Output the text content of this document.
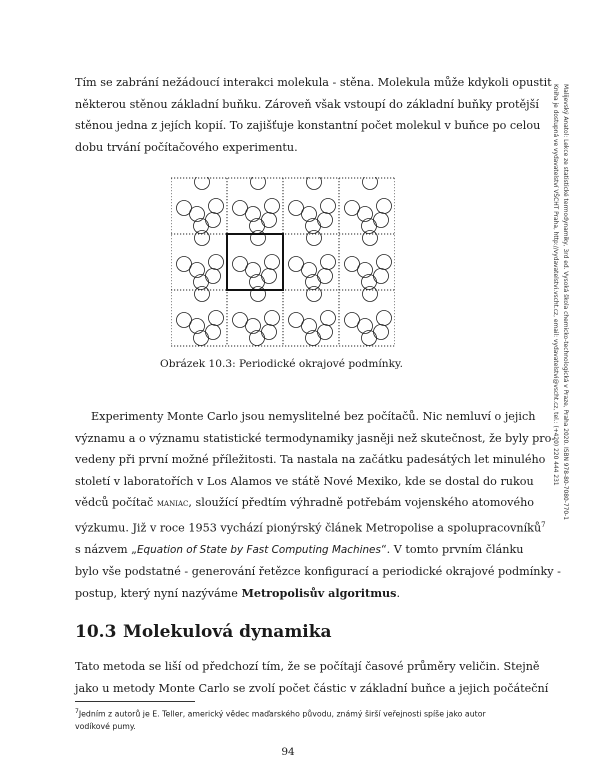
Tím se zabrání nežádoucí interakci molekula - stěna. Molekula může kdykoli opustit
některou stěnou základní buňku. Zároveň však vstoupí do základní buňky protější
stěnou jedna z jejích kopií. To zajišťuje konstantní počet molekul v buňce po celou
dobu trvání počítačového experimentu.
Obrázek 10.3: Periodické okrajové podmínky.
Experimenty Monte Carlo jsou nemyslitelné bez počítačů. Nic nemluví o jejich
významu a o významu statistické termodynamiky jasněji než skutečnost, že byly pro-
vedeny při první možné příležitosti. Ta nastala na začátku padesátých let minulého
století v laboratořích v Los Alamos ve státě Nové Mexiko, kde se dostal do rukou
vědců počítač maniac, sloužící předtím výhradně potřebám vojenského atomového
výzkumu. Již v roce 1953 vychází pionýrský článek Metropolise a spolupracovníků$^7$
s názvem „Equation of State by Fast Computing Machines“. V tomto prvním článku
bylo vše podstatné - generování řetězce konfigurací a periodické okrajové podmínky -
postup, který nyní nazýváme Metropolisův algoritmus.
10.3 Molekulová dynamika
Tato metoda se liší od předchozí tím, že se počítají časové průměry veličin. Stejně
jako u metody Monte Carlo se zvolí počet částic v základní buňce a jejich počáteční
$^7$Jedním z autorů je E. Teller, americký vědec maďarského původu, známý širší veřejnosti spíše jako autor vodíkové pumy.
94
Malijevský Anatol: Lekce ze statistické termodynamiky, 3rd ed. Vysoká škola chemicko-technologická v Praze, Praha 2020. ISBN 978-80-7080-770-1
Kniha je dostupná ve vydavatelství VŠCHT Praha, http://vydavatelstvi.vscht.cz, email: vydavatelstvi@vscht.cz, tel.: (+420) 220 444 231
